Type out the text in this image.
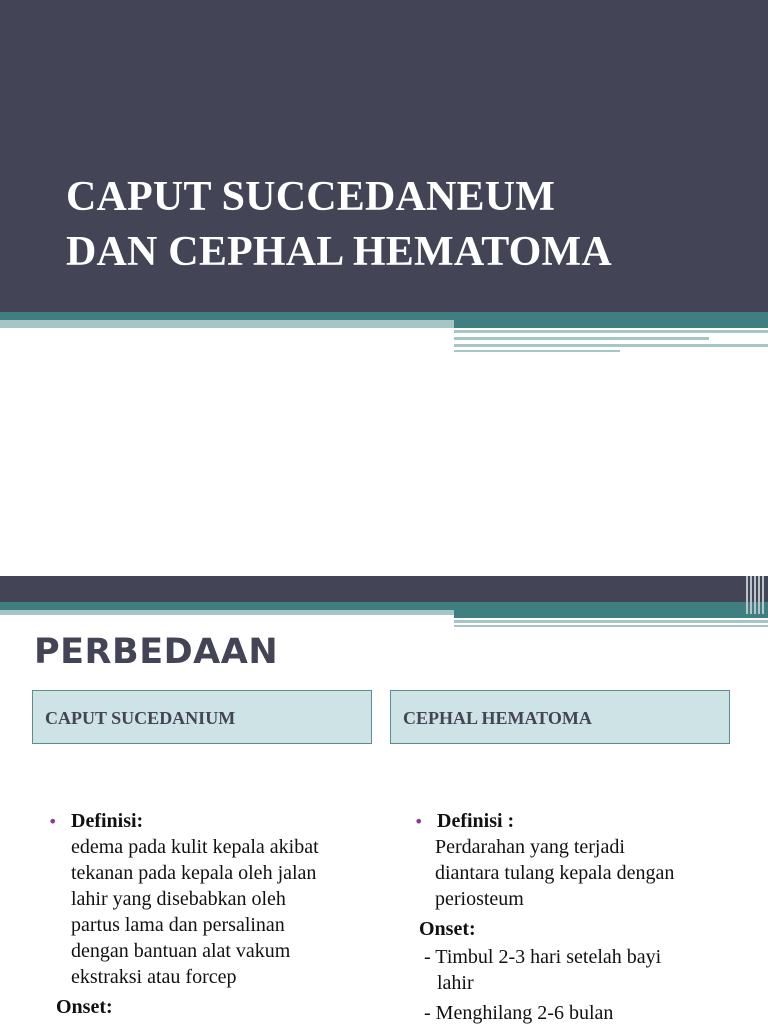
CAPUT SUCCEDANEUM
DAN CEPHAL HEMATOMA
PERBEDAAN
CAPUT SUCEDANIUM	CEPHAL HEMATOMA
• Definisi:
edema pada kulit kepala akibat
tekanan pada kepala oleh jalan
lahir yang disebabkan oleh
partus lama dan persalinan
dengan bantuan alat vakum
ekstraksi atau forcep
Onset:
• Definisi :
Perdarahan yang terjadi
diantara tulang kepala dengan
periosteum
Onset:
- Timbul 2-3 hari setelah bayi
lahir
- Menghilang 2-6 bulan
